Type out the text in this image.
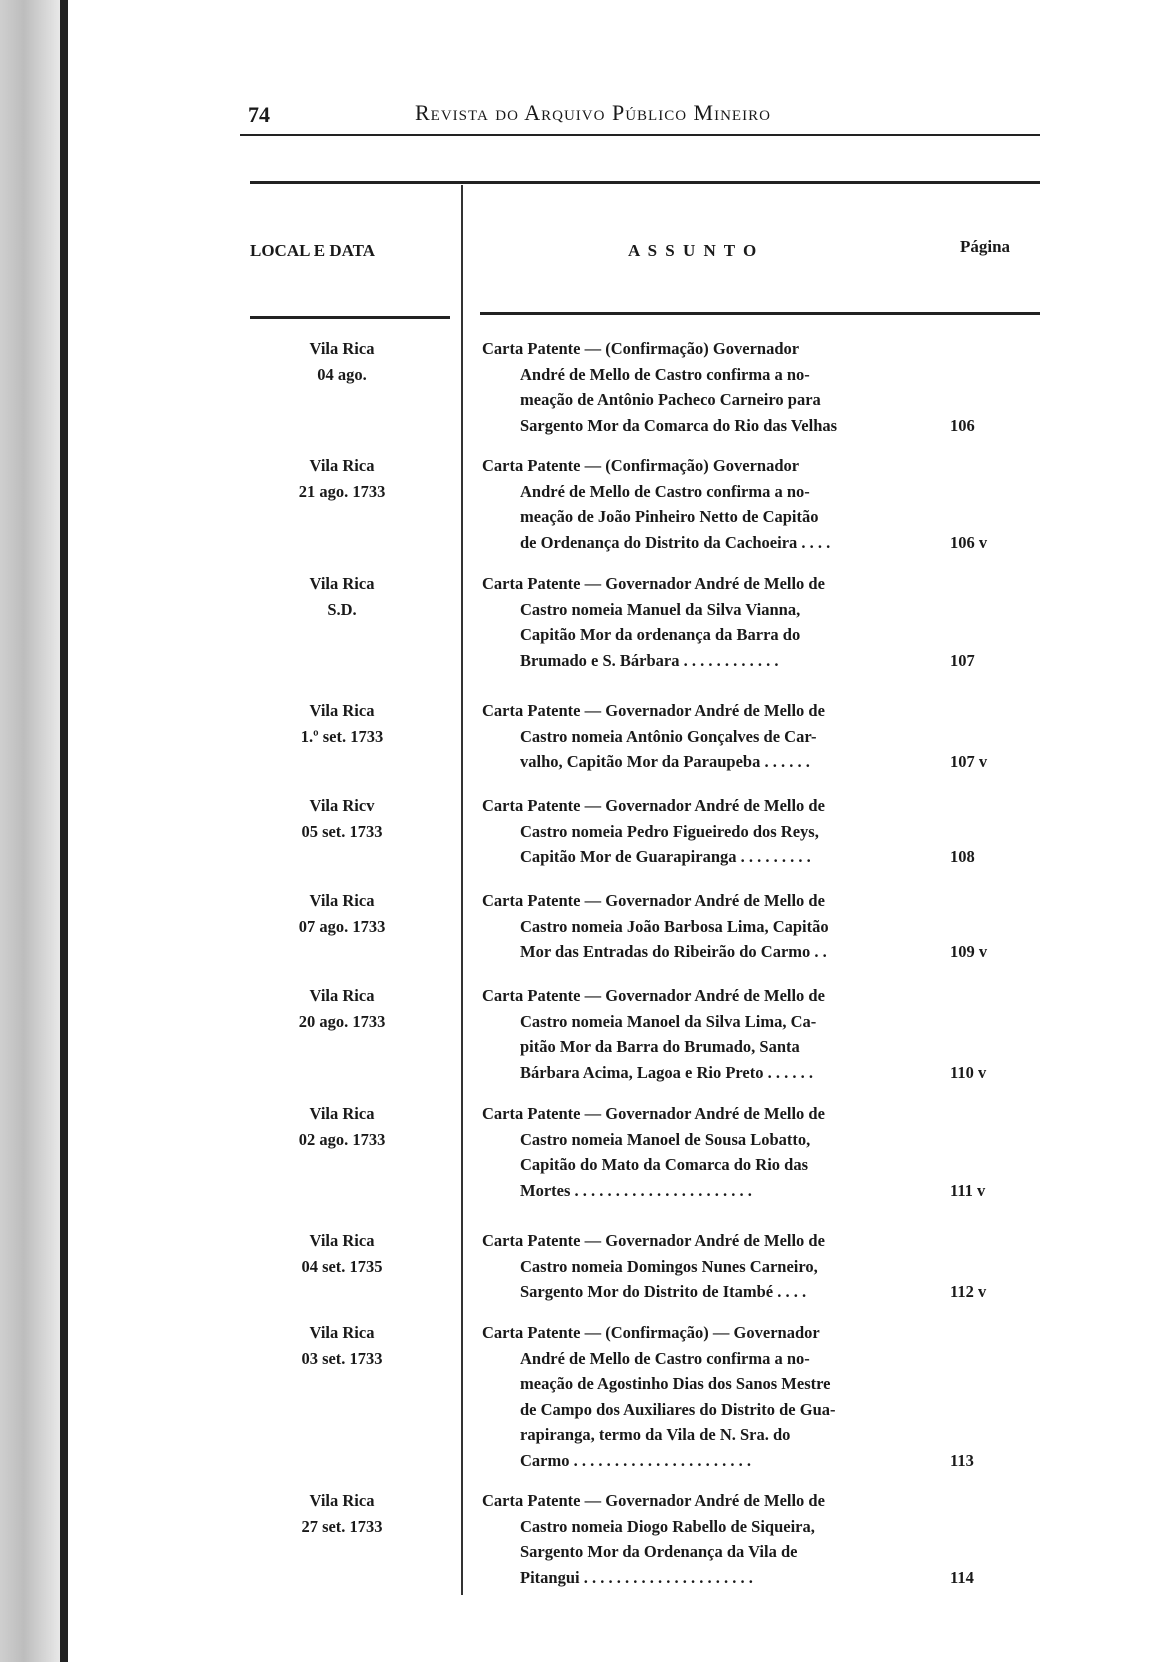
74	Revista do Arquivo Público Mineiro
LOCAL E DATA	A S S U N T O	Página
Vila Rica
04 ago.
Carta Patente — (Confirmação) Governador
André de Mello de Castro confirma a no-
meação de Antônio Pacheco Carneiro para
Sargento Mor da Comarca do Rio das Velhas	106
Vila Rica
21 ago. 1733
Carta Patente — (Confirmação) Governador
André de Mello de Castro confirma a no-
meação de João Pinheiro Netto de Capitão
de Ordenança do Distrito da Cachoeira . . . .	106 v
Vila Rica
S.D.
Carta Patente — Governador André de Mello de
Castro nomeia Manuel da Silva Vianna,
Capitão Mor da ordenança da Barra do
Brumado e S. Bárbara . . . . . . . . . . . .	107
Vila Rica
1.º set. 1733
Carta Patente — Governador André de Mello de
Castro nomeia Antônio Gonçalves de Car-
valho, Capitão Mor da Paraupeba . . . . . .	107 v
Vila Ricv
05 set. 1733
Carta Patente — Governador André de Mello de
Castro nomeia Pedro Figueiredo dos Reys,
Capitão Mor de Guarapiranga . . . . . . . . .	108
Vila Rica
07 ago. 1733
Carta Patente — Governador André de Mello de
Castro nomeia João Barbosa Lima, Capitão
Mor das Entradas do Ribeirão do Carmo . .	109 v
Vila Rica
20 ago. 1733
Carta Patente — Governador André de Mello de
Castro nomeia Manoel da Silva Lima, Ca-
pitão Mor da Barra do Brumado, Santa
Bárbara Acima, Lagoa e Rio Preto . . . . . .	110 v
Vila Rica
02 ago. 1733
Carta Patente — Governador André de Mello de
Castro nomeia Manoel de Sousa Lobatto,
Capitão do Mato da Comarca do Rio das
Mortes . . . . . . . . . . . . . . . . . . . . . .	111 v
Vila Rica
04 set. 1735
Carta Patente — Governador André de Mello de
Castro nomeia Domingos Nunes Carneiro,
Sargento Mor do Distrito de Itambé . . . .	112 v
Vila Rica
03 set. 1733
Carta Patente — (Confirmação) — Governador
André de Mello de Castro confirma a no-
meação de Agostinho Dias dos Sanos Mestre
de Campo dos Auxiliares do Distrito de Gua-
rapiranga, termo da Vila de N. Sra. do
Carmo . . . . . . . . . . . . . . . . . . . . . .	113
Vila Rica
27 set. 1733
Carta Patente — Governador André de Mello de
Castro nomeia Diogo Rabello de Siqueira,
Sargento Mor da Ordenança da Vila de
Pitangui . . . . . . . . . . . . . . . . . . . . .	114
